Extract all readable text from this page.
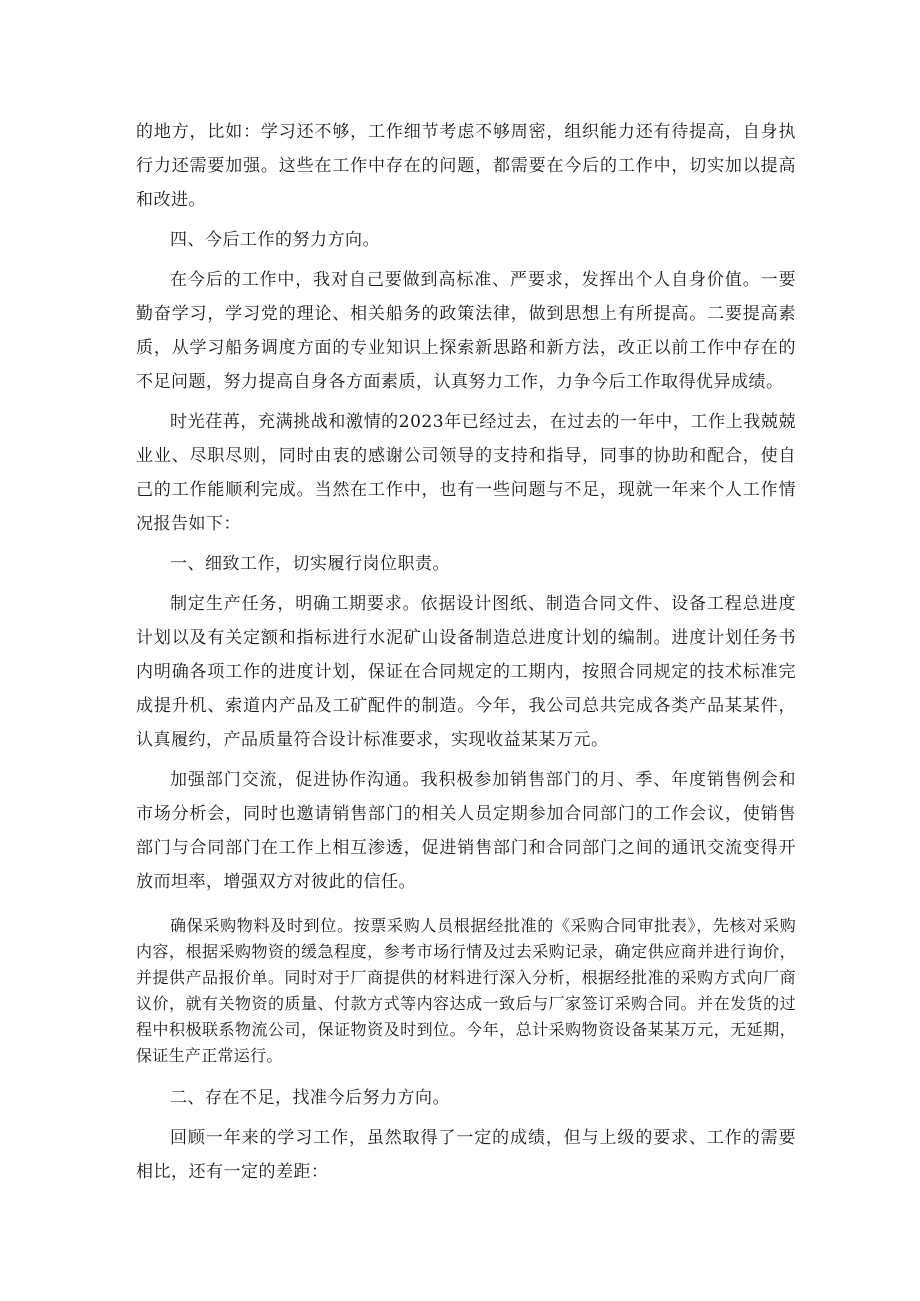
的地方，比如：学习还不够，工作细节考虑不够周密，组织能力还有待提高，自身执行力还需要加强。这些在工作中存在的问题，都需要在今后的工作中，切实加以提高和改进。

四、今后工作的努力方向。

在今后的工作中，我对自己要做到高标准、严要求，发挥出个人自身价值。一要勤奋学习，学习党的理论、相关船务的政策法律，做到思想上有所提高。二要提高素质，从学习船务调度方面的专业知识上探索新思路和新方法，改正以前工作中存在的不足问题，努力提高自身各方面素质，认真努力工作，力争今后工作取得优异成绩。

时光荏苒，充满挑战和激情的2023年已经过去，在过去的一年中，工作上我兢兢业业、尽职尽则，同时由衷的感谢公司领导的支持和指导，同事的协助和配合，使自己的工作能顺利完成。当然在工作中，也有一些问题与不足，现就一年来个人工作情况报告如下：

一、细致工作，切实履行岗位职责。

制定生产任务，明确工期要求。依据设计图纸、制造合同文件、设备工程总进度计划以及有关定额和指标进行水泥矿山设备制造总进度计划的编制。进度计划任务书内明确各项工作的进度计划，保证在合同规定的工期内，按照合同规定的技术标准完成提升机、索道内产品及工矿配件的制造。今年，我公司总共完成各类产品某某件，认真履约，产品质量符合设计标准要求，实现收益某某万元。

加强部门交流，促进协作沟通。我积极参加销售部门的月、季、年度销售例会和市场分析会，同时也邀请销售部门的相关人员定期参加合同部门的工作会议，使销售部门与合同部门在工作上相互渗透，促进销售部门和合同部门之间的通讯交流变得开放而坦率，增强双方对彼此的信任。

确保采购物料及时到位。按票采购人员根据经批准的《采购合同审批表》，先核对采购内容，根据采购物资的缓急程度，参考市场行情及过去采购记录，确定供应商并进行询价，并提供产品报价单。同时对于厂商提供的材料进行深入分析，根据经批准的采购方式向厂商议价，就有关物资的质量、付款方式等内容达成一致后与厂家签订采购合同。并在发货的过程中积极联系物流公司，保证物资及时到位。今年，总计采购物资设备某某万元，无延期，保证生产正常运行。

二、存在不足，找准今后努力方向。

回顾一年来的学习工作，虽然取得了一定的成绩，但与上级的要求、工作的需要相比，还有一定的差距：
